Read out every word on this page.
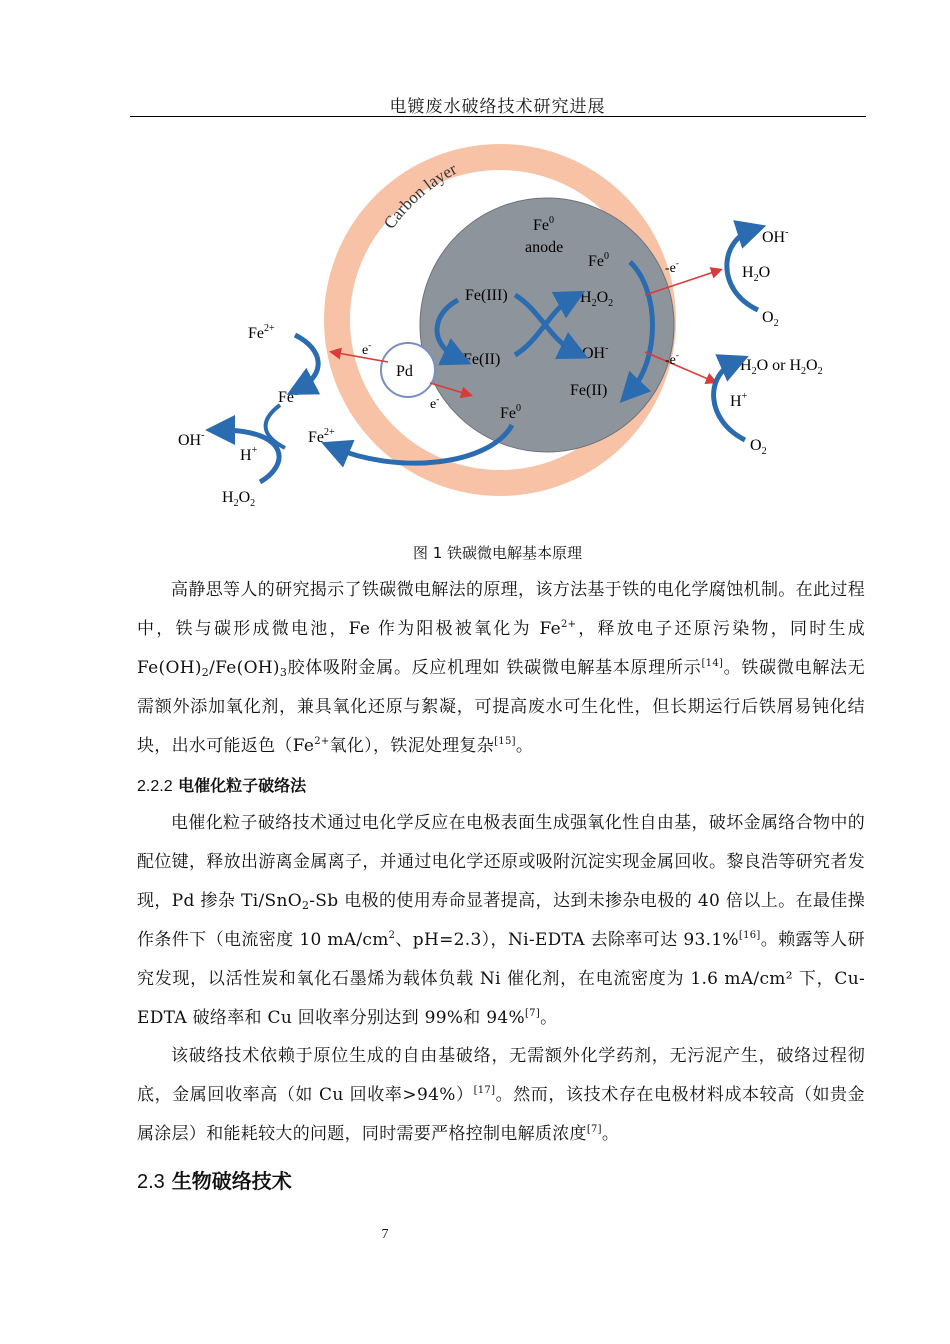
电镀废水破络技术研究进展
Carbon layer
Fe$^0$
anode
Fe$^0$
Fe(III)
Fe(II)
$H_2O_2$
OH-
Fe(II)
Fe$^0$
Pd
e-
e-
-e-
-e-
$Fe^{2+}$
$Fe^{3+}$
$Fe^{2+}$
OH-
H+
$H_2O_2$
OH-
$H_2O$
$O_2$
$H_2O$ or $H_2O_2$
H+
$O_2$
图 1 铁碳微电解基本原理

高静思等人的研究揭示了铁碳微电解法的原理，该方法基于铁的电化学腐蚀机制。在此过程中，铁与碳形成微电池，Fe 作为阳极被氧化为 $Fe^{2+}$，释放电子还原污染物，同时生成 $Fe(OH)_2/Fe(OH)_3$胶体吸附金属。反应机理如 铁碳微电解基本原理所示[14]。铁碳微电解法无需额外添加氧化剂，兼具氧化还原与絮凝，可提高废水可生化性，但长期运行后铁屑易钝化结块，出水可能返色（$Fe^{2+}$氧化），铁泥处理复杂[15]。

2.2.2 电催化粒子破络法

电催化粒子破络技术通过电化学反应在电极表面生成强氧化性自由基，破坏金属络合物中的配位键，释放出游离金属离子，并通过电化学还原或吸附沉淀实现金属回收。黎良浩等研究者发现，Pd 掺杂 Ti/SnO$_2$-Sb 电极的使用寿命显著提高，达到未掺杂电极的 40 倍以上。在最佳操作条件下（电流密度 10 $mA/cm^2$、pH=2.3），Ni-EDTA 去除率可达 93.1%[16]。赖露等人研究发现，以活性炭和氧化石墨烯为载体负载 Ni 催化剂，在电流密度为 1.6 mA/cm² 下，Cu-EDTA 破络率和 Cu 回收率分别达到 99%和 94%[7]。

该破络技术依赖于原位生成的自由基破络，无需额外化学药剂，无污泥产生，破络过程彻底，金属回收率高（如 Cu 回收率>94%）[17]。然而，该技术存在电极材料成本较高（如贵金属涂层）和能耗较大的问题，同时需要严格控制电解质浓度[7]。

2.3 生物破络技术
7
